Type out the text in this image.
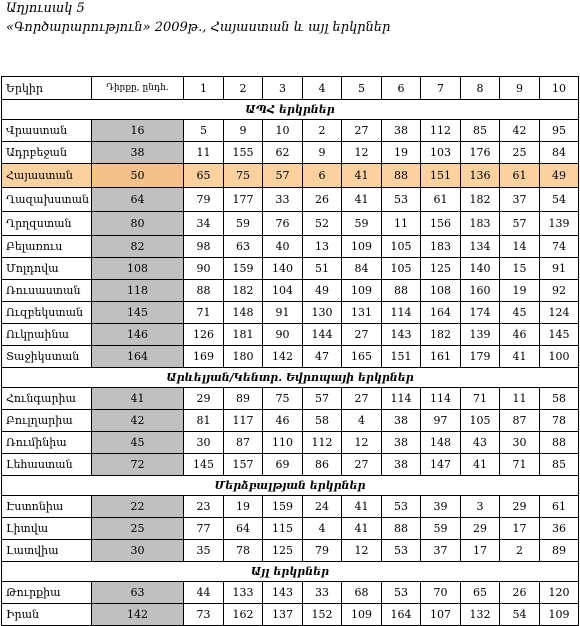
Աղյուսակ 5
«Գործարարություն» 2009թ., Հայաստան և այլ երկրներ
Երկիր	Դիրքը, ընդհ.	1	2	3	4	5	6	7	8	9	10
ԱՊՀ երկրներ											
Վրաստան	16	5	9	10	2	27	38	112	85	42	95
Ադրբեջան	38	11	155	62	9	12	19	103	176	25	84
Հայաստան	50	65	75	57	6	41	88	151	136	61	49
Ղազախստան	64	79	177	33	26	41	53	61	182	37	54
Ղրղզստան	80	34	59	76	52	59	11	156	183	57	139
Բելառուս	82	98	63	40	13	109	105	183	134	14	74
Մոլդովա	108	90	159	140	51	84	105	125	140	15	91
Ռուսաստան	118	88	182	104	49	109	88	108	160	19	92
Ուզբեկստան	145	71	148	91	130	131	114	164	174	45	124
Ուկրաինա	146	126	181	90	144	27	143	182	139	46	145
Տաջիկստան	164	169	180	142	47	165	151	161	179	41	100
Արևելյան/Կենտր. Եվրոպայի երկրներ											
Հունգարիա	41	29	89	75	57	27	114	114	71	11	58
Բուլղարիա	42	81	117	46	58	4	38	97	105	87	78
Ռումինիա	45	30	87	110	112	12	38	148	43	30	88
Լեհաստան	72	145	157	69	86	27	38	147	41	71	85
Մերձբալթյան երկրներ											
Էստոնիա	22	23	19	159	24	41	53	39	3	29	61
Լիտվա	25	77	64	115	4	41	88	59	29	17	36
Լատվիա	30	35	78	125	79	12	53	37	17	2	89
Այլ երկրներ											
Թուրքիա	63	44	133	143	33	68	53	70	65	26	120
Իրան	142	73	162	137	152	109	164	107	132	54	109
